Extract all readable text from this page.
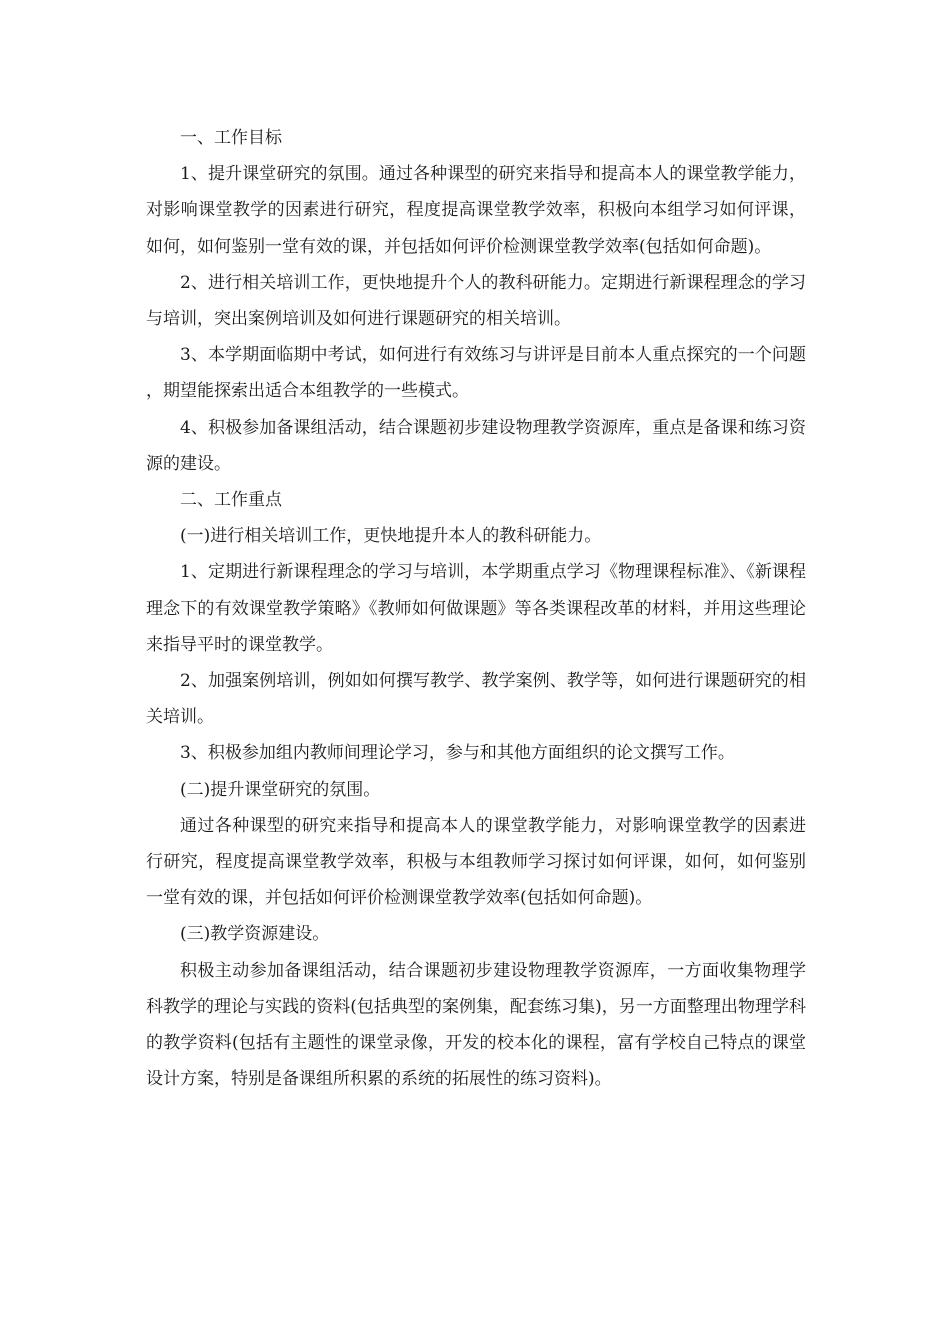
一、工作目标

1、提升课堂研究的氛围。通过各种课型的研究来指导和提高本人的课堂教学能力，对影响课堂教学的因素进行研究，程度提高课堂教学效率，积极向本组学习如何评课，如何，如何鉴别一堂有效的课，并包括如何评价检测课堂教学效率(包括如何命题)。

2、进行相关培训工作，更快地提升个人的教科研能力。定期进行新课程理念的学习与培训，突出案例培训及如何进行课题研究的相关培训。

3、本学期面临期中考试，如何进行有效练习与讲评是目前本人重点探究的一个问题，期望能探索出适合本组教学的一些模式。

4、积极参加备课组活动，结合课题初步建设物理教学资源库，重点是备课和练习资源的建设。

二、工作重点

(一)进行相关培训工作，更快地提升本人的教科研能力。

1、定期进行新课程理念的学习与培训，本学期重点学习《物理课程标准》、《新课程理念下的有效课堂教学策略》《教师如何做课题》等各类课程改革的材料，并用这些理论来指导平时的课堂教学。

2、加强案例培训，例如如何撰写教学、教学案例、教学等，如何进行课题研究的相关培训。

3、积极参加组内教师间理论学习，参与和其他方面组织的论文撰写工作。

(二)提升课堂研究的氛围。

通过各种课型的研究来指导和提高本人的课堂教学能力，对影响课堂教学的因素进行研究，程度提高课堂教学效率，积极与本组教师学习探讨如何评课，如何，如何鉴别一堂有效的课，并包括如何评价检测课堂教学效率(包括如何命题)。

(三)教学资源建设。

积极主动参加备课组活动，结合课题初步建设物理教学资源库，一方面收集物理学科教学的理论与实践的资料(包括典型的案例集，配套练习集)，另一方面整理出物理学科的教学资料(包括有主题性的课堂录像，开发的校本化的课程，富有学校自己特点的课堂设计方案，特别是备课组所积累的系统的拓展性的练习资料)。
